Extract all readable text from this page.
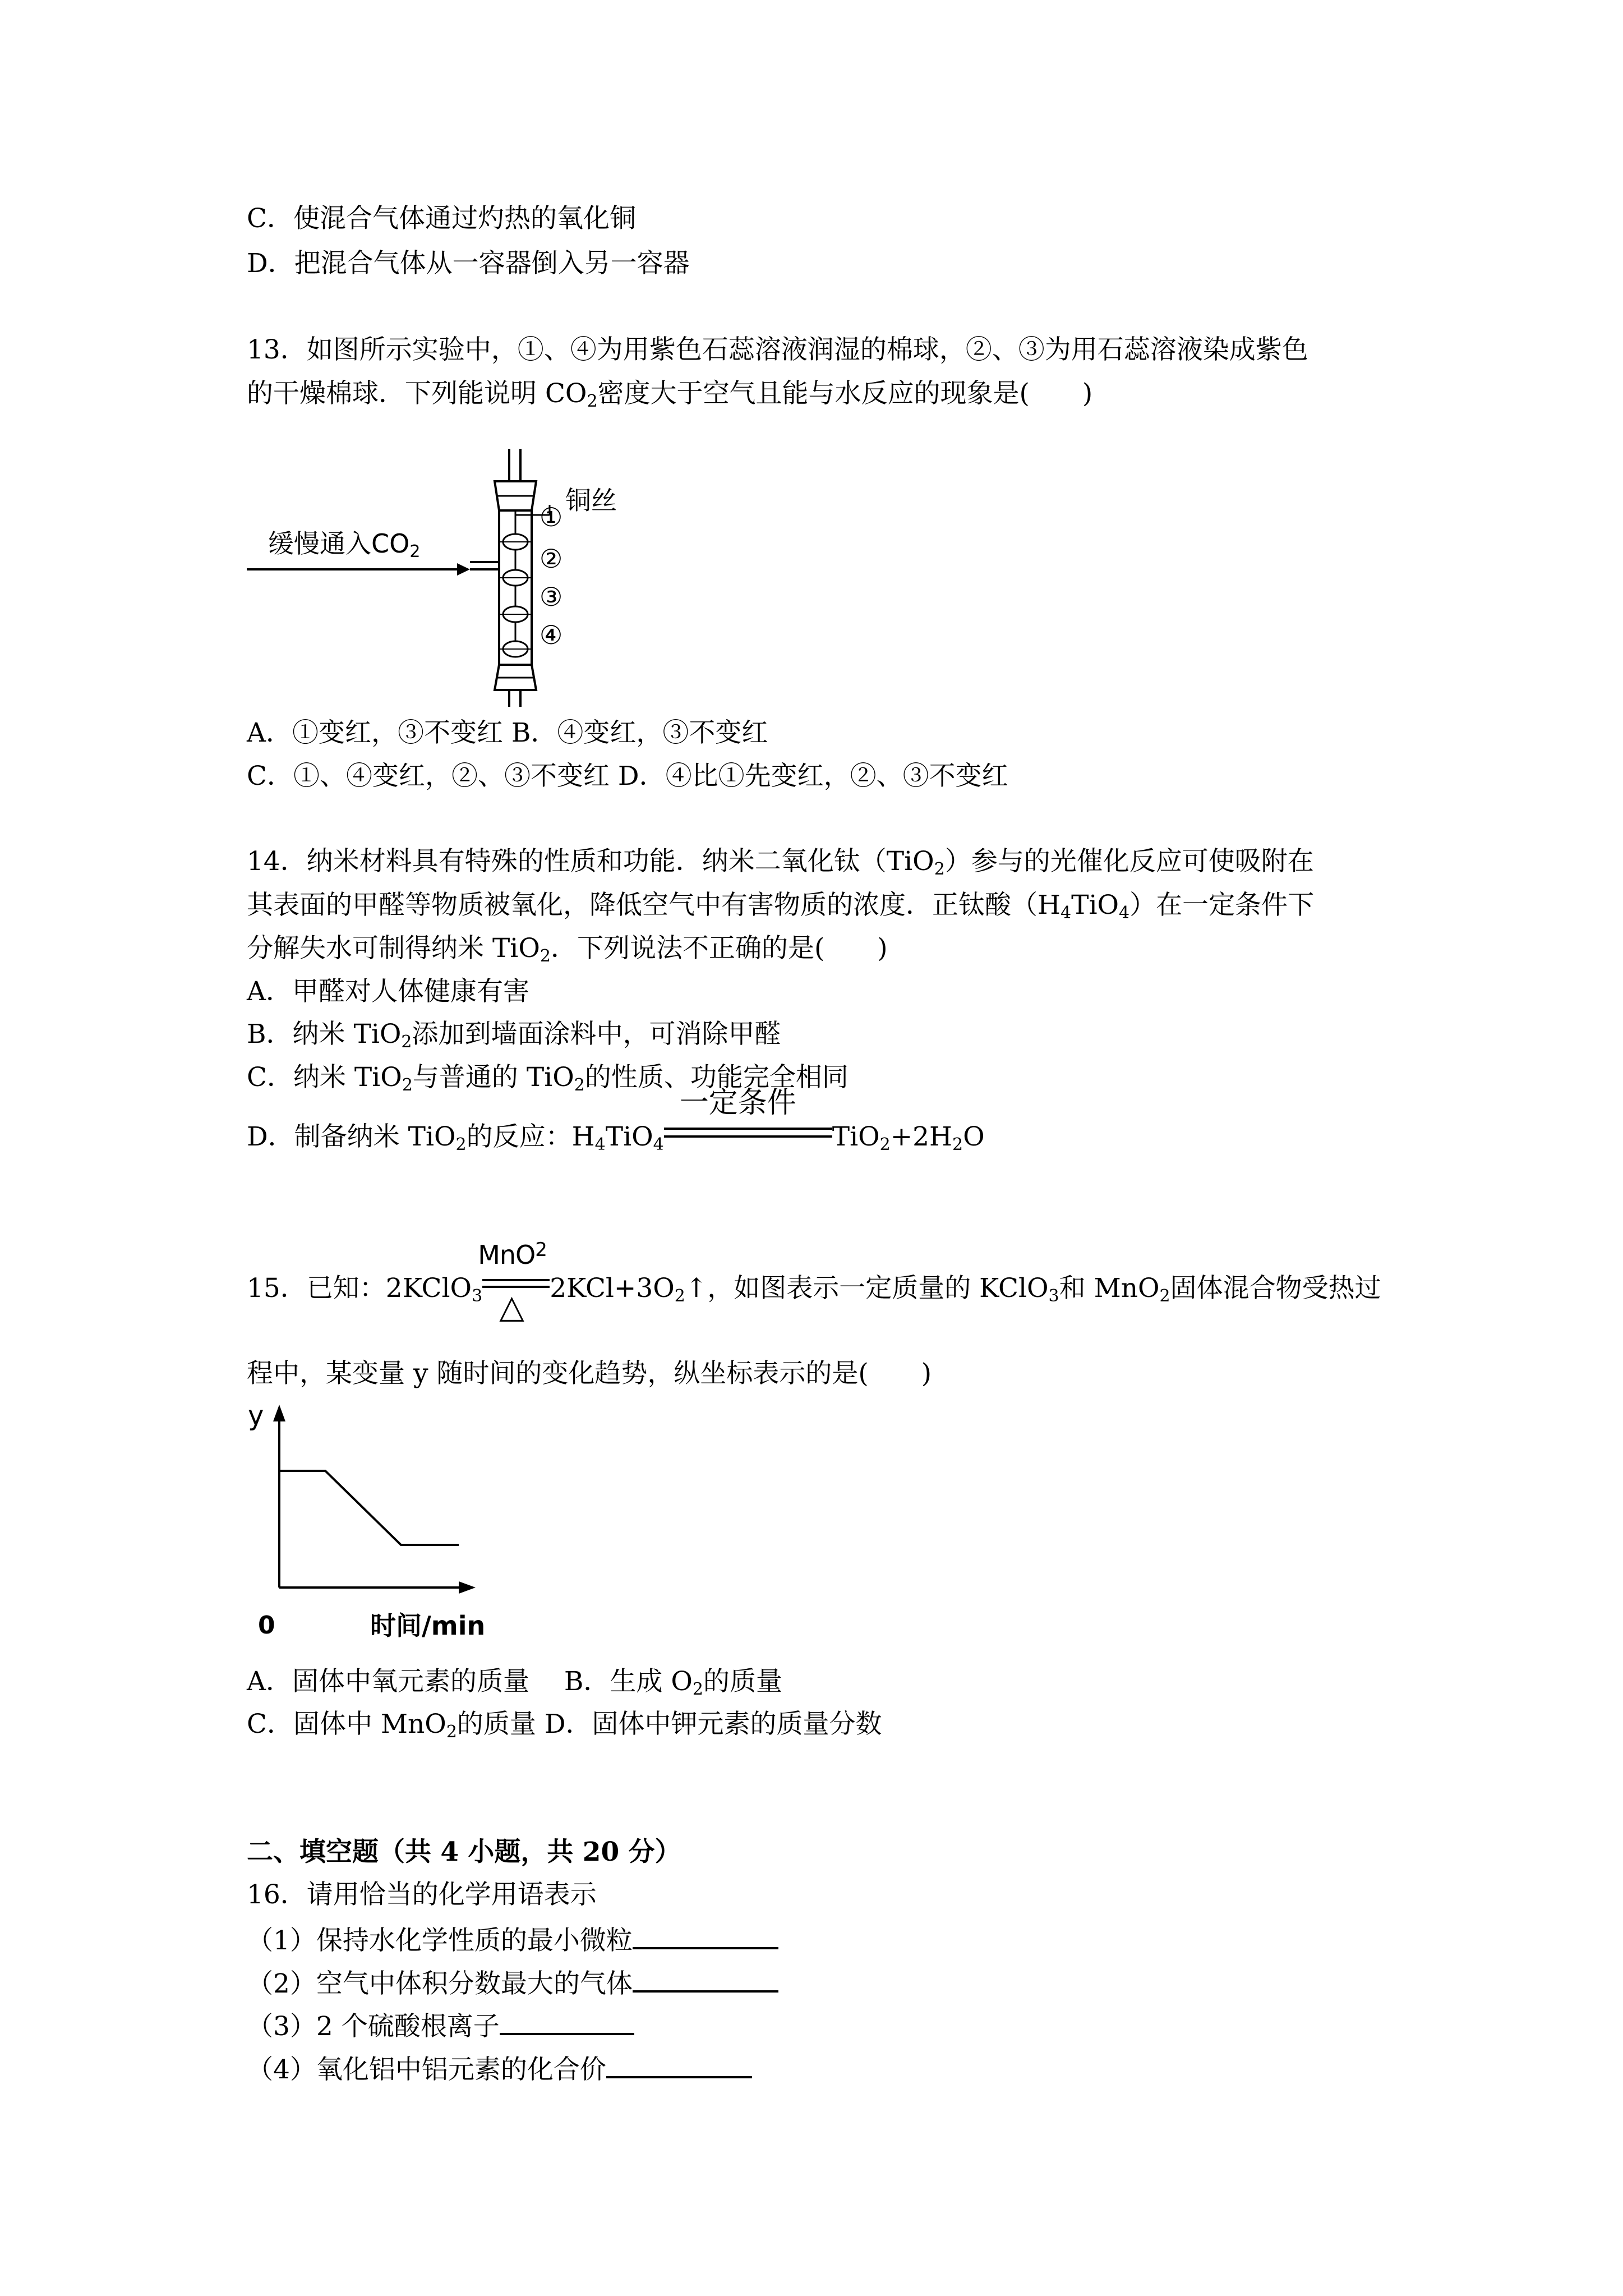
C．使混合气体通过灼热的氧化铜
D．把混合气体从一容器倒入另一容器
13．如图所示实验中，①、④为用紫色石蕊溶液润湿的棉球，②、③为用石蕊溶液染成紫色
的干燥棉球．下列能说明 $CO_2$密度大于空气且能与水反应的现象是(　　)
缓慢通入CO2
铜丝
①
②
③
④
A．①变红，③不变红 B．④变红，③不变红
C．①、④变红，②、③不变红 D．④比①先变红，②、③不变红
14．纳米材料具有特殊的性质和功能．纳米二氧化钛（TiO$_2$）参与的光催化反应可使吸附在
其表面的甲醛等物质被氧化，降低空气中有害物质的浓度．正钛酸$(H_4TiO_4)$在一定条件下
分解失水可制得纳米 TiO$_2$．下列说法不正确的是(　　)
A．甲醛对人体健康有害
B．纳米 TiO$_2$添加到墙面涂料中，可消除甲醛
C．纳米 TiO$_2$与普通的 TiO$_2$的性质、功能完全相同
D．制备纳米 TiO$_2$的反应：$H_4TiO_4$
一定条件
$TiO_2+2H_2O$
15．已知：2KClO$_3$
MnO$^2$
△ $2KCl+3O_2↑$，如图表示一定质量的 KClO$_3$和 MnO$_2$固体混合物受热过
程中，某变量 y 随时间的变化趋势，纵坐标表示的是(　　)
y
0	时间/min
A．固体中氧元素的质量　 B．生成 $O_2$的质量
C．固体中 MnO$_2$的质量 D．固体中钾元素的质量分数
二、填空题（共 4 小题，共 20 分）
16．请用恰当的化学用语表示
（1）保持水化学性质的最小微粒
（2）空气中体积分数最大的气体
（3）2 个硫酸根离子
（4）氧化铝中铝元素的化合价
